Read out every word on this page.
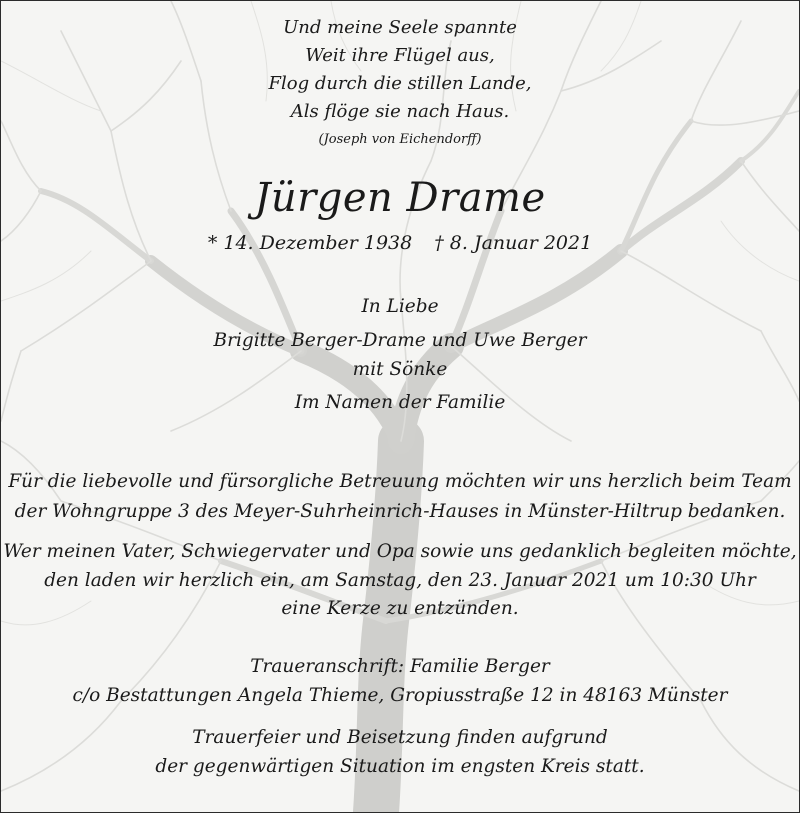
Und meine Seele spannte
Weit ihre Flügel aus,
Flog durch die stillen Lande,
Als flöge sie nach Haus.
(Joseph von Eichendorff)
Jürgen Drame
* 14. Dezember 1938 † 8. Januar 2021
In Liebe
Brigitte Berger-Drame und Uwe Berger
mit Sönke
Im Namen der Familie
Für die liebevolle und fürsorgliche Betreuung möchten wir uns herzlich beim Team
der Wohngruppe 3 des Meyer-Suhrheinrich-Hauses in Münster-Hiltrup bedanken.
Wer meinen Vater, Schwiegervater und Opa sowie uns gedanklich begleiten möchte,
den laden wir herzlich ein, am Samstag, den 23. Januar 2021 um 10:30 Uhr
eine Kerze zu entzünden.
Traueranschrift: Familie Berger
c/o Bestattungen Angela Thieme, Gropiusstraße 12 in 48163 Münster
Trauerfeier und Beisetzung finden aufgrund
der gegenwärtigen Situation im engsten Kreis statt.
